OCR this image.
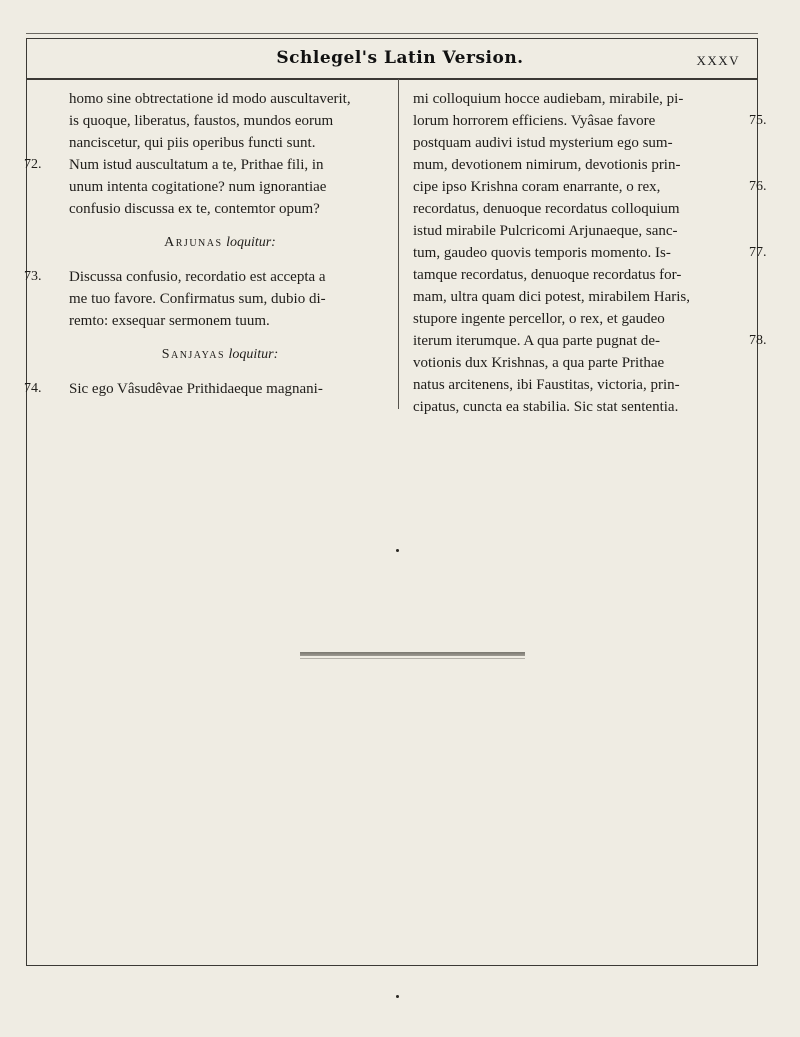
Schlegel's Latin Version.	XXXV
homo sine obtrectatione id modo auscultaverit,
is quoque, liberatus, faustos, mundos eorum
nanciscetur, qui piis operibus functi sunt.
72.	Num istud auscultatum a te, Prithae fili, in
unum intenta cogitatione? num ignorantiae
confusio discussa ex te, contemtor opum?
Arjunas loquitur:
73.	Discussa confusio, recordatio est accepta a
me tuo favore. Confirmatus sum, dubio di-
remto: exsequar sermonem tuum.
Sanjayas loquitur:
74.	Sic ego Vâsudêvae Prithidaeque magnani-
mi colloquium hocce audiebam, mirabile, pi-
lorum horrorem efficiens. Vyâsae favore	75.
postquam audivi istud mysterium ego sum-
mum, devotionem nimirum, devotionis prin-
cipe ipso Krishna coram enarrante, o rex,	76.
recordatus, denuoque recordatus colloquium
istud mirabile Pulcricomi Arjunaeque, sanc-
tum, gaudeo quovis temporis momento. Is-	77.
tamque recordatus, denuoque recordatus for-
mam, ultra quam dici potest, mirabilem Haris,
stupore ingente percellor, o rex, et gaudeo
iterum iterumque. A qua parte pugnat de-	78.
votionis dux Krishnas, a qua parte Prithae
natus arcitenens, ibi Faustitas, victoria, prin-
cipatus, cuncta ea stabilia. Sic stat sententia.
